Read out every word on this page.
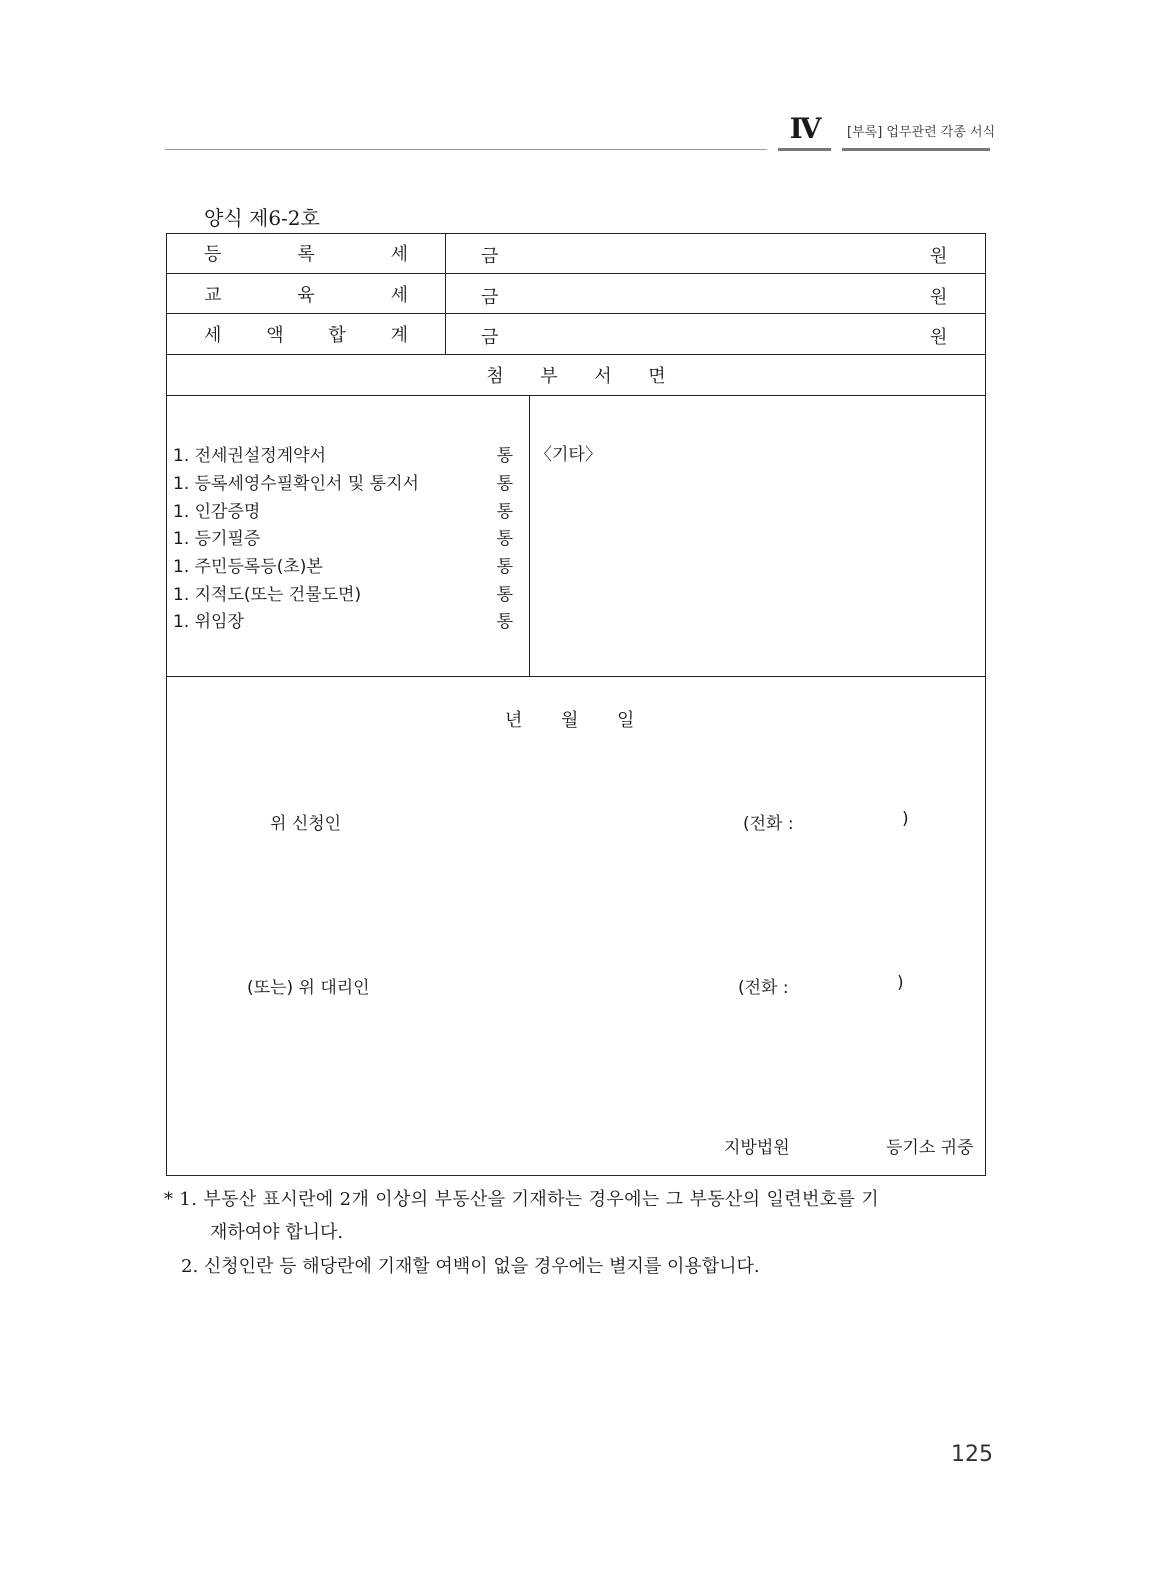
Ⅳ	[부록] 업무관련 각종 서식
양식 제6-2호
등	록	세	금	원
교	육	세	금	원
세 액 합 계	금	원
첨	부	서	면
1. 전세권설정계약서	통
1. 등록세영수필확인서 및 통지서	통
1. 인감증명	통
1. 등기필증	통
1. 주민등록등(초)본	통
1. 지적도(또는 건물도면)	통
1. 위임장	통
〈기타〉
년	월	일
위 신청인	(전화 :	)
(또는) 위 대리인	(전화 :	)
지방법원	등기소 귀중
* 1. 부동산 표시란에 2개 이상의 부동산을 기재하는 경우에는 그 부동산의 일련번호를 기
재하여야 합니다.
2. 신청인란 등 해당란에 기재할 여백이 없을 경우에는 별지를 이용합니다.
125
